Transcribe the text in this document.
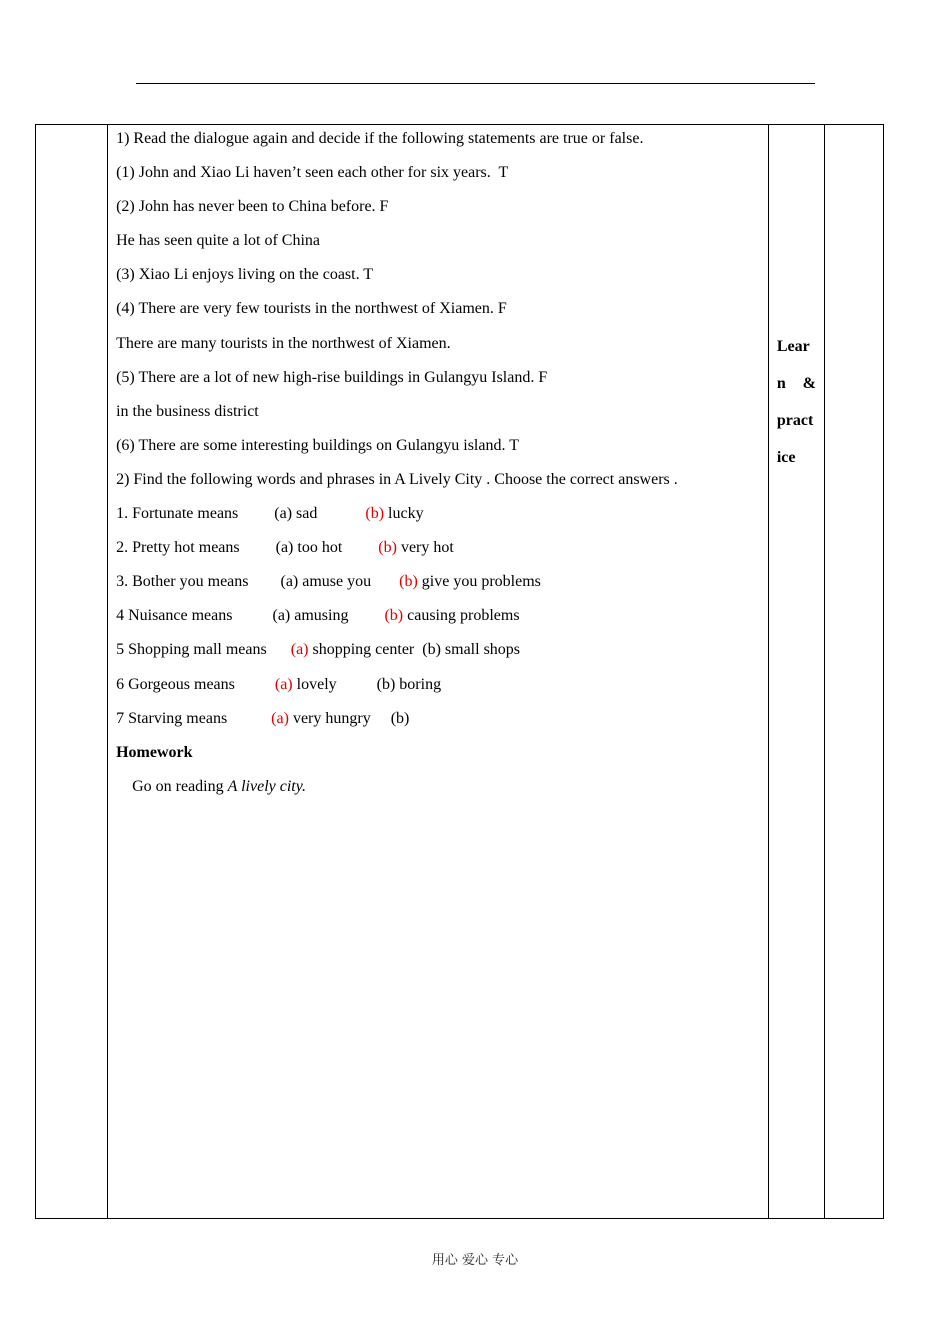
1) Read the dialogue again and decide if the following statements are true or false.
(1) John and Xiao Li haven’t seen each other for six years.  T
(2) John has never been to China before. F
He has seen quite a lot of China
(3) Xiao Li enjoys living on the coast. T
(4) There are very few tourists in the northwest of Xiamen. F
There are many tourists in the northwest of Xiamen.
(5) There are a lot of new high-rise buildings in Gulangyu Island. F
in the business district
(6) There are some interesting buildings on Gulangyu island. T
2) Find the following words and phrases in A Lively City . Choose the correct answers .
1. Fortunate means (a) sad	(b) lucky
2. Pretty hot means (a) too hot (b) very hot
3. Bother you means (a) amuse you (b) give you problems
4 Nuisance means	(a) amusing (b) causing problems
5 Shopping mall means (a) shopping center (b) small shops
6 Gorgeous means	(a) lovely	(b) boring
7 Starving means	(a) very hungry (b)
Homework
Go on reading A lively city.

Lear
n &
pract
ice

用心 爱心 专心
